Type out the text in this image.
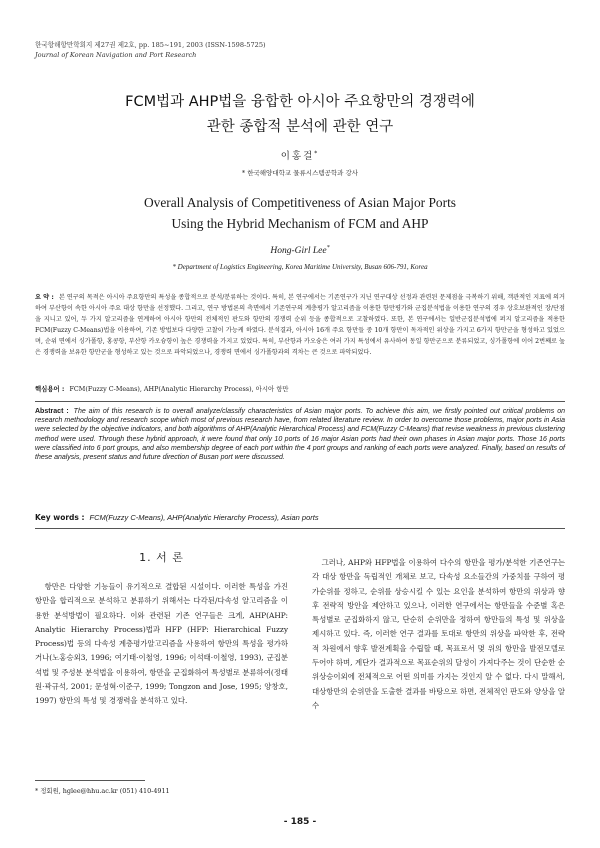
한국항해항만학회지 제27권 제2호, pp. 185~191, 2003 (ISSN-1598-5725)
Journal of Korean Navigation and Port Research
FCM법과 AHP법을 융합한 아시아 주요항만의 경쟁력에
관한 종합적 분석에 관한 연구
이홍걸*
* 한국해양대학교 물류시스템공학과 강사
Overall Analysis of Competitiveness of Asian Major Ports
Using the Hybrid Mechanism of FCM and AHP
Hong-Girl Lee*
* Department of Logistics Engineering, Korea Maritime University, Busan 606-791, Korea
요 약 : 본 연구의 목적은 아시아 주요항만의 특성을 종합적으로 분석/분류하는 것이다. 특히, 본 연구에서는 기존연구가 지닌 연구대상 선정과 관련된 문제점을 극복하기 위해, 객관적인 지표에 의거하여 부산항이 속한 아시아 주요 대상 항만을 선정했다. 그리고, 연구 방법론의 측면에서 기존연구의 계층평가 알고리즘을 이용한 항만평가와 군집분석법을 이용한 연구의 경우 상호보완적인 장/단점을 지니고 있어, 두 가지 알고리즘을 연계하여 아시아 항만의 전체적인 판도와 항만의 경쟁력 순위 등을 종합적으로 고찰하였다. 또한, 본 연구에서는 일반군집분석법에 퍼지 알고리즘을 적용한 FCM(Fuzzy C-Means)법을 이용하여, 기존 방법보다 다양한 고찰이 가능케 하였다. 분석결과, 아시아 16개 주요 항만들 중 10개 항만이 독자적인 위상을 가지고 6가지 항만군을 형성하고 있었으며, 순위 면에서 싱가폴항, 홍콩항, 부산항 카오슝항이 높은 경쟁력을 가지고 있었다. 특히, 부산항과 카오슝은 여러 가지 특성에서 유사하여 동일 항만군으로 분류되었고, 싱가폴항에 이어 2번째로 높은 경쟁력을 보유한 항만군을 형성하고 있는 것으로 파악되었으나, 경쟁력 면에서 싱가폴항과의 격차는 큰 것으로 파악되었다.
핵심용어 : FCM(Fuzzy C-Means), AHP(Analytic Hierarchy Process), 아시아 항만
Abstract : The aim of this research is to overall analyze/classify characteristics of Asian major ports. To achieve this aim, we firstly pointed out critical problems on research methodology and research scope which most of previous research have, from related literature review. In order to overcome those problems, major ports in Asia were selected by the objective indicators, and both algorithms of AHP(Analytic Hierarchical Process) and FCM(Fuzzy C-Means) that revise weakness in previous clustering method were used. Through these hybrid approach, it were found that only 10 ports of 16 major Asian ports had their own phases in Asian major ports. Those 16 ports were classified into 6 port groups, and also membership degree of each port within the 4 port groups and ranking of each ports were analyzed. Finally, based on results of these analysis, present status and future direction of Busan port were discussed.
Key words : FCM(Fuzzy C-Means), AHP(Analytic Hierarchy Process), Asian ports
1. 서 론

항만은 다양한 기능들이 유기적으로 결합된 시설이다. 이러한 특성을 가진 항만을 합리적으로 분석하고 분류하기 위해서는 다각된/다속성 알고리즘을 이용한 분석방법이 필요하다. 이와 관련된 기존 연구들은 크게, AHP(AHP: Analytic Hierarchy Process)법과 HFP (HFP: Hierarchical Fuzzy Process)법 등의 다속성 계층평가알고리즘을 사용하여 항만의 특성을 평가하거나(노홍승외3, 1996; 여기태·이철영, 1996; 이석태·이철영, 1993), 군집분석법 및 주성분 분석법을 이용하여, 항만을 군집화하여 특성별로 분류하여(정태원·곽규석, 2001; 문성혁·이준구, 1999; Tongzon and Jose, 1995; 양창호, 1997) 항만의 특성 및 경쟁력을 분석하고 있다.

그러나, AHP와 HFP법을 이용하여 다수의 항만을 평가/분석한 기존연구는 각 대상 항만을 독립적인 개체로 보고, 다속성 요소들간의 가중치를 구하여 평가순위를 정하고, 순위를 상승시킬 수 있는 요인을 분석하여 항만의 위상과 향후 전략적 방안을 제안하고 있으나, 이러한 연구에서는 항만들을 수준별 혹은 특성별로 군집화하지 않고, 단순히 순위만을 정하여 항만들의 특성 및 위상을 제시하고 있다. 즉, 이러한 연구 결과를 토대로 항만의 위상을 파악한 후, 전략적 차원에서 향후 발전계획을 수립할 때, 목표로서 몇 위의 항만을 발전모델로 두어야 하며, 계단가 결과적으로 목표순위의 달성이 가져다주는 것이 단순한 순위상승이외에 전체적으로 어떤 의미를 가지는 것인지 알 수 없다. 다시 말해서, 대상항만의 순위만을 도출한 결과를 바탕으로 하면, 전체적인 판도와 양상을 알 수

* 정회원, hglee@hhu.ac.kr (051) 410-4911
- 185 -
